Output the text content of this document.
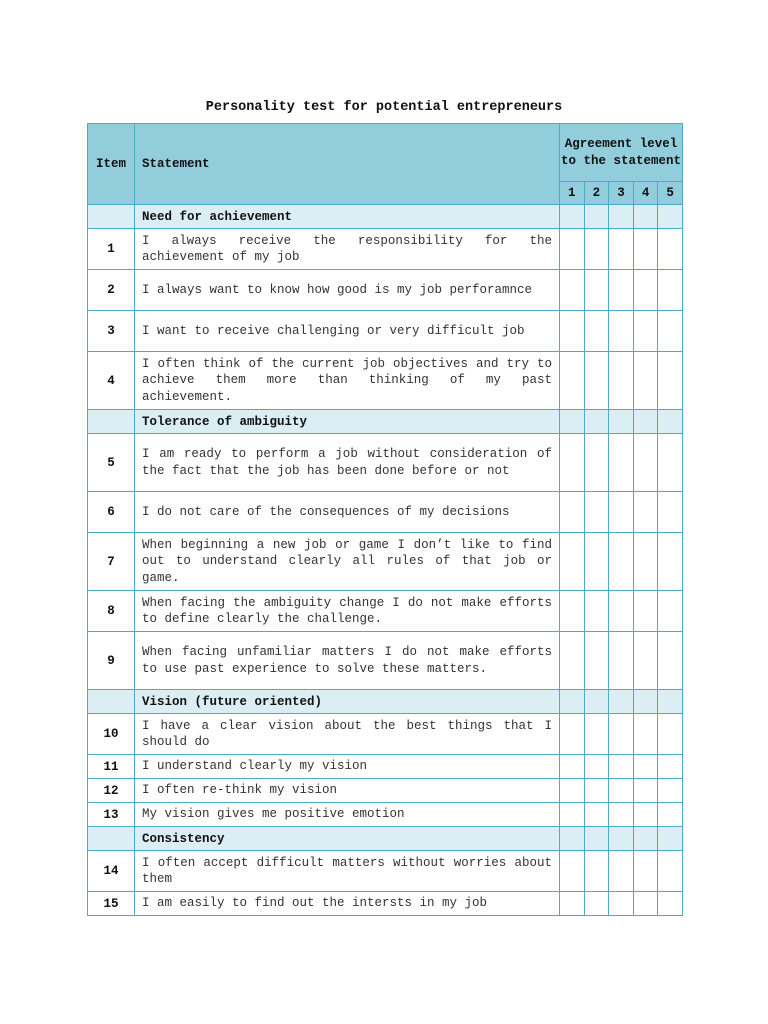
Personality test for potential entrepreneurs
Item	Statement	Agreement level to the statement				
		1	2	3	4	5
	Need for achievement					
1	I always receive the responsibility for the achievement of my job					
2	I always want to know how good is my job perforamnce					
3	I want to receive challenging or very difficult job					
4	I often think of the current job objectives and try to achieve them more than thinking of my past achievement.					
	Tolerance of ambiguity					
5	I am ready to perform a job without consideration of the fact that the job has been done before or not					
6	I do not care of the consequences of my decisions					
7	When beginning a new job or game I don’t like to find out to understand clearly all rules of that job or game.					
8	When facing the ambiguity change I do not make efforts to define clearly the challenge.					
9	When facing unfamiliar matters I do not make efforts to use past experience to solve these matters.					
	Vision (future oriented)					
10	I have a clear vision about the best things that I should do					
11	I understand clearly my vision					
12	I often re-think my vision					
13	My vision gives me positive emotion					
	Consistency					
14	I often accept difficult matters without worries about them					
15	I am easily to find out the intersts in my job					
